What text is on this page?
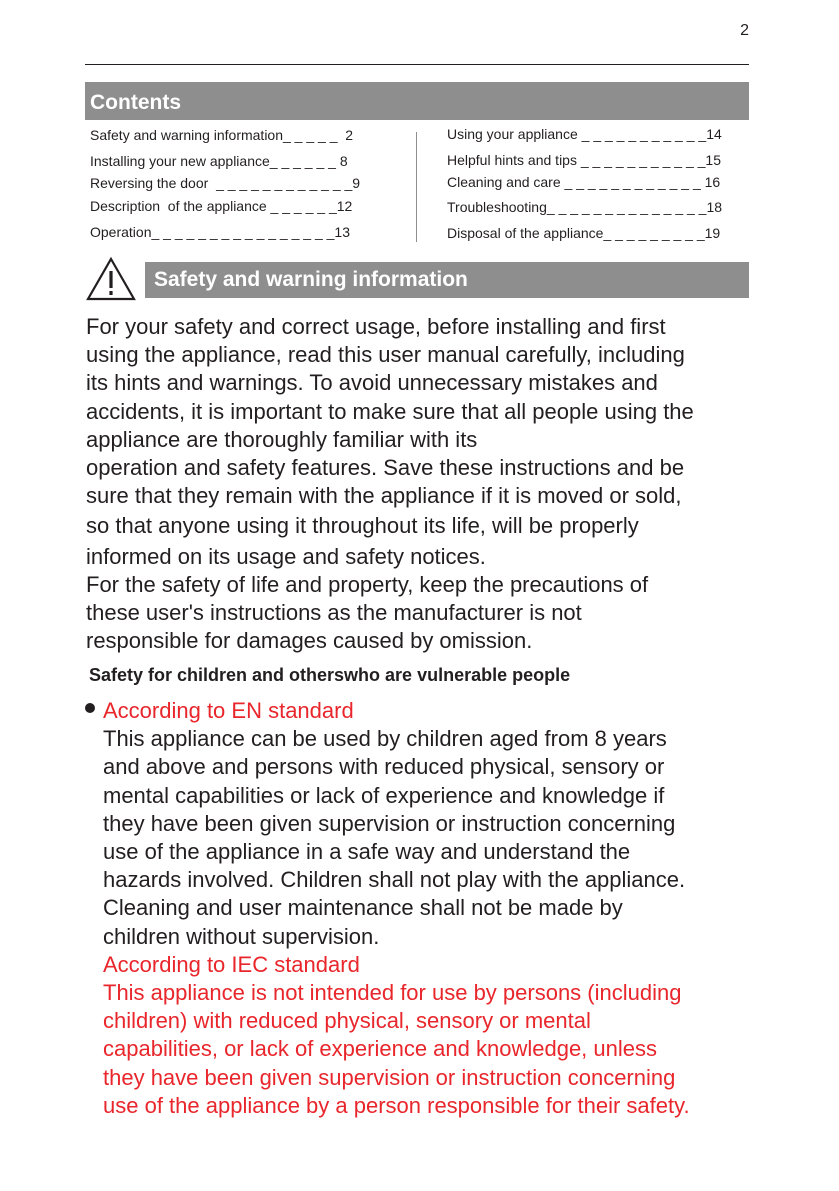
2
Contents
Safety and warning information_ _ _ _ _  2
Installing your new appliance_ _ _ _ _ _ 8
Reversing the door  _ _ _ _ _ _ _ _ _ _ _ _9
Description  of the appliance _ _ _ _ _ _12
Operation_ _ _ _ _ _ _ _ _ _ _ _ _ _ _ _13
Using your appliance _ _ _ _ _ _ _ _ _ _ _14
Helpful hints and tips _ _ _ _ _ _ _ _ _ _ _15
Cleaning and care _ _ _ _ _ _ _ _ _ _ _ _ 16
Troubleshooting_ _ _ _ _ _ _ _ _ _ _ _ _ _18
Disposal of the appliance_ _ _ _ _ _ _ _ _19
Safety and warning information
For your safety and correct usage, before installing and first
using the appliance, read this user manual carefully, including
its hints and warnings. To avoid unnecessary mistakes and
accidents, it is important to make sure that all people using the
appliance are thoroughly familiar with its
operation and safety features. Save these instructions and be
sure that they remain with the appliance if it is moved or sold,
so that anyone using it throughout its life, will be properly
informed on its usage and safety notices.
For the safety of life and property, keep the precautions of
these user's instructions as the manufacturer is not
responsible for damages caused by omission.
Safety for children and otherswho are vulnerable people
According to EN standard
This appliance can be used by children aged from 8 years
and above and persons with reduced physical, sensory or
mental capabilities or lack of experience and knowledge if
they have been given supervision or instruction concerning
use of the appliance in a safe way and understand the
hazards involved. Children shall not play with the appliance.
Cleaning and user maintenance shall not be made by
children without supervision.
According to IEC standard
This appliance is not intended for use by persons (including
children) with reduced physical, sensory or mental
capabilities, or lack of experience and knowledge, unless
they have been given supervision or instruction concerning
use of the appliance by a person responsible for their safety.
